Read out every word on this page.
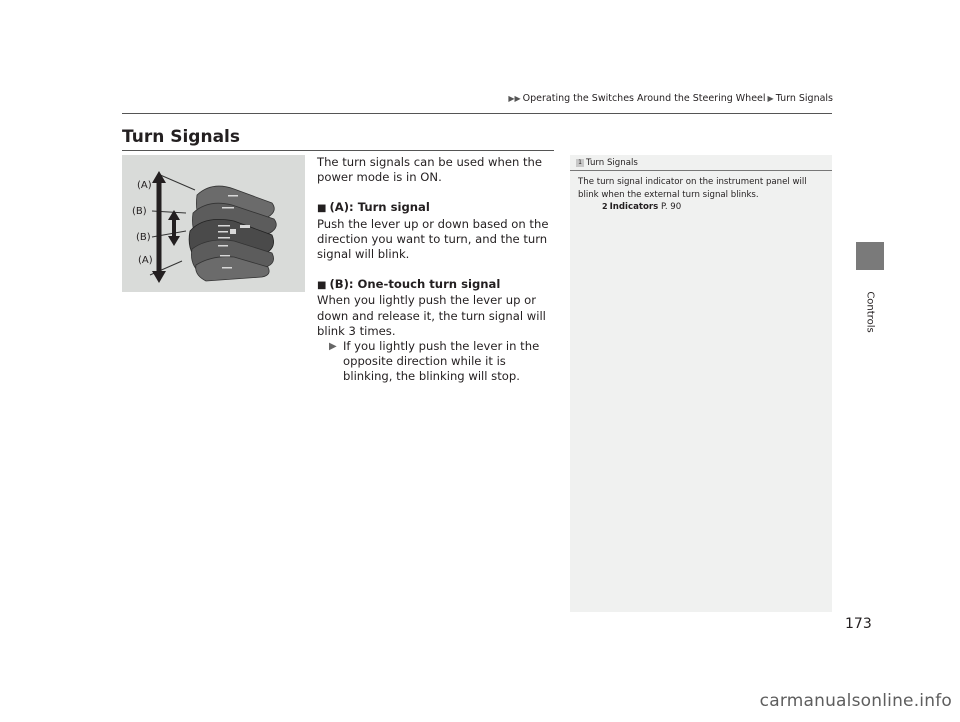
▶▶ Operating the Switches Around the Steering Wheel ▶ Turn Signals
Controls
Turn Signals
(A)
(B)
(B)
(A)

The turn signals can be used when the power mode is in ON.

■ (A): Turn signal

Push the lever up or down based on the direction you want to turn, and the turn signal will blink.

■ (B): One-touch turn signal

When you lightly push the lever up or down and release it, the turn signal will blink 3 times.

▶ If you lightly push the lever in the opposite direction while it is blinking, the blinking will stop.

1 Turn Signals
The turn signal indicator on the instrument panel will blink when the external turn signal blinks.
2 Indicators P. 90
173
carmanualsonline.info
